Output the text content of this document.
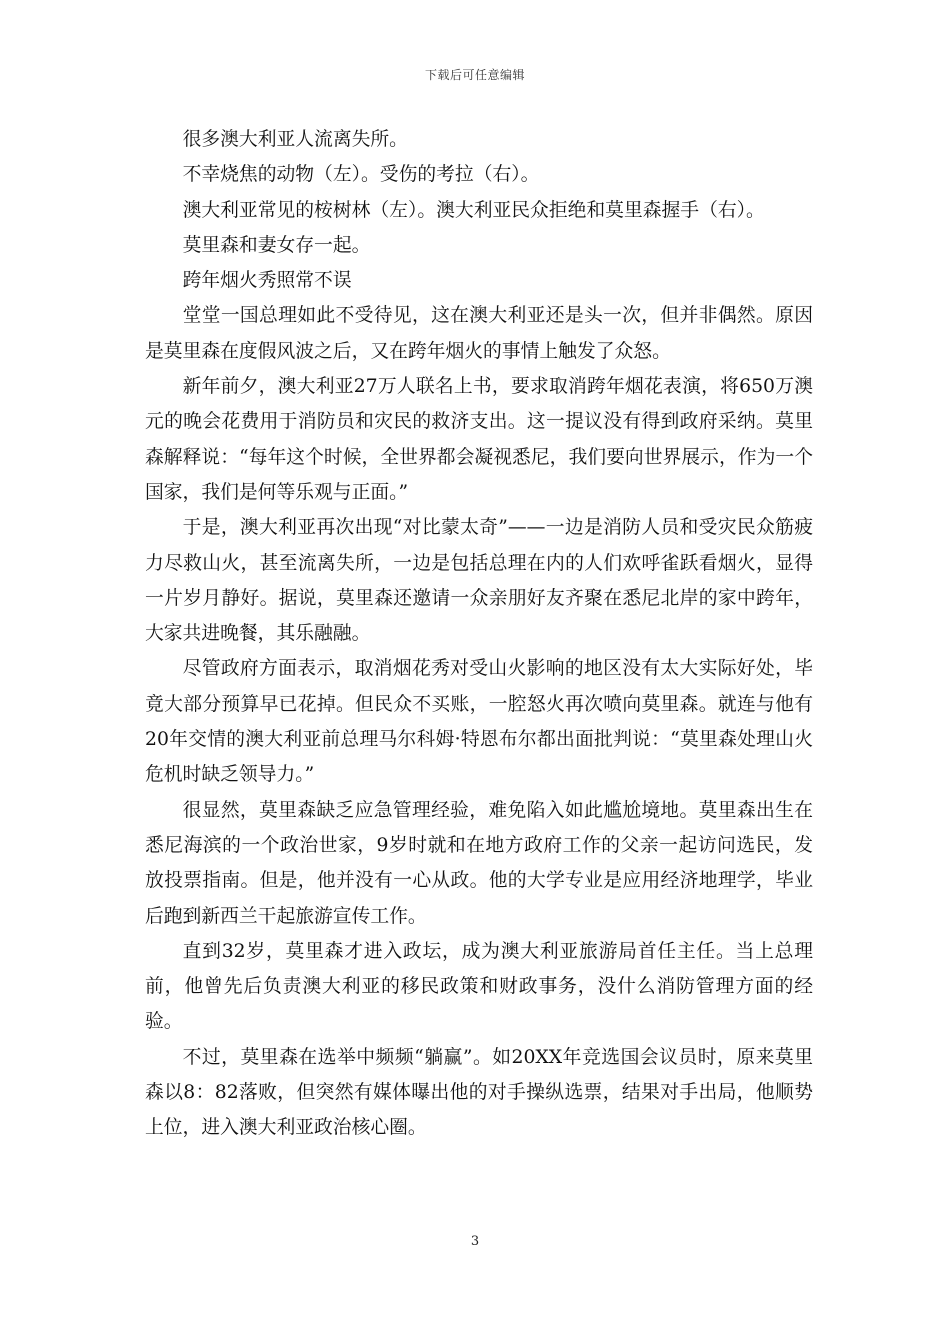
下载后可任意编辑

很多澳大利亚人流离失所。

不幸烧焦的动物（左）。受伤的考拉（右）。

澳大利亚常见的桉树林（左）。澳大利亚民众拒绝和莫里森握手（右）。

莫里森和妻女存一起。

跨年烟火秀照常不误

堂堂一国总理如此不受待见，这在澳大利亚还是头一次，但并非偶然。原因是莫里森在度假风波之后，又在跨年烟火的事情上触发了众怒。

新年前夕，澳大利亚27万人联名上书，要求取消跨年烟花表演，将650万澳元的晚会花费用于消防员和灾民的救济支出。这一提议没有得到政府采纳。莫里森解释说：“每年这个时候，全世界都会凝视悉尼，我们要向世界展示，作为一个国家，我们是何等乐观与正面。”

于是，澳大利亚再次出现“对比蒙太奇”——一边是消防人员和受灾民众筋疲力尽救山火，甚至流离失所，一边是包括总理在内的人们欢呼雀跃看烟火，显得一片岁月静好。据说，莫里森还邀请一众亲朋好友齐聚在悉尼北岸的家中跨年，大家共进晚餐，其乐融融。

尽管政府方面表示，取消烟花秀对受山火影响的地区没有太大实际好处，毕竟大部分预算早已花掉。但民众不买账，一腔怒火再次喷向莫里森。就连与他有20年交情的澳大利亚前总理马尔科姆·特恩布尔都出面批判说：“莫里森处理山火危机时缺乏领导力。”

很显然，莫里森缺乏应急管理经验，难免陷入如此尴尬境地。莫里森出生在悉尼海滨的一个政治世家，9岁时就和在地方政府工作的父亲一起访问选民，发放投票指南。但是，他并没有一心从政。他的大学专业是应用经济地理学，毕业后跑到新西兰干起旅游宣传工作。

直到32岁，莫里森才进入政坛，成为澳大利亚旅游局首任主任。当上总理前，他曾先后负责澳大利亚的移民政策和财政事务，没什么消防管理方面的经验。

不过，莫里森在选举中频频“躺赢”。如20XX年竞选国会议员时，原来莫里森以8：82落败，但突然有媒体曝出他的对手操纵选票，结果对手出局，他顺势上位，进入澳大利亚政治核心圈。

3
